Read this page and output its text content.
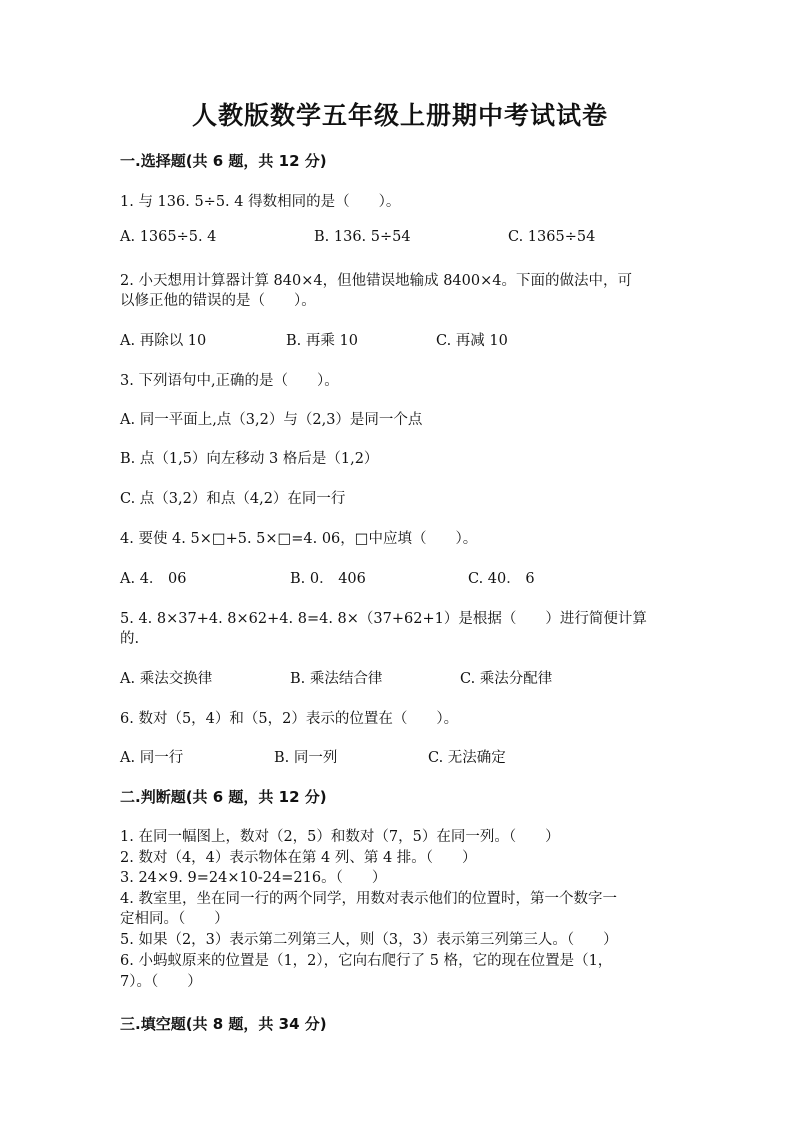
人教版数学五年级上册期中考试试卷
一.选择题(共 6 题，共 12 分)
1. 与 136. 5÷5. 4 得数相同的是（　　）。
A. 1365÷5. 4	B. 136. 5÷54	C. 1365÷54
2. 小天想用计算器计算 840×4，但他错误地输成 8400×4。下面的做法中，可
以修正他的错误的是（　　）。
A. 再除以 10	B. 再乘 10	C. 再减 10
3. 下列语句中,正确的是（　　）。
A. 同一平面上,点（3,2）与（2,3）是同一个点
B. 点（1,5）向左移动 3 格后是（1,2）
C. 点（3,2）和点（4,2）在同一行
4. 要使 4. 5×□+5. 5×□=4. 06，□中应填（　　）。
A. 4． 06	B. 0． 406	C. 40． 6
5. 4. 8×37+4. 8×62+4. 8=4. 8×（37+62+1）是根据（　　）进行简便计算
的.
A. 乘法交换律	B. 乘法结合律	C. 乘法分配律
6. 数对（5，4）和（5，2）表示的位置在（　　）。
A. 同一行	B. 同一列	C. 无法确定
二.判断题(共 6 题，共 12 分)
1. 在同一幅图上，数对（2，5）和数对（7，5）在同一列。（　　）
2. 数对（4，4）表示物体在第 4 列、第 4 排。（　　）
3. 24×9. 9=24×10-24=216。（　　）
4. 教室里，坐在同一行的两个同学，用数对表示他们的位置时，第一个数字一
定相同。（　　）
5. 如果（2，3）表示第二列第三人，则（3，3）表示第三列第三人。（　　）
6. 小蚂蚁原来的位置是（1，2），它向右爬行了 5 格，它的现在位置是（1，
7）。（　　）
三.填空题(共 8 题，共 34 分)
